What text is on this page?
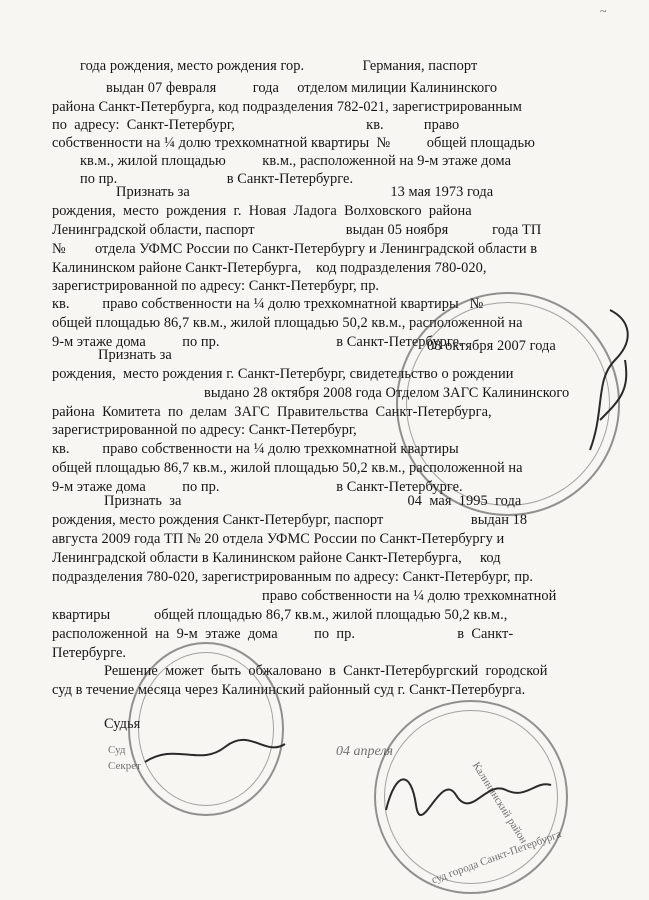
~
года рождения, место рождения гор.                Германия, паспорт
выдан 07 февраля          года     отделом милиции Калининского
района Санкт-Петербурга, код подразделения 782-021, зарегистрированным
по  адресу:  Санкт-Петербург,                                    кв.           право
собственности на ¼ долю трехкомнатной квартиры  №          общей площадью
кв.м., жилой площадью          кв.м., расположенной на 9-м этаже дома
по пр.                              в Санкт-Петербурге.
Признать за                                                       13 мая 1973 года
рождения,  место  рождения  г.  Новая  Ладога  Волховского  района
Ленинградской области, паспорт                         выдан 05 ноября            года ТП
№        отдела УФМС России по Санкт-Петербургу и Ленинградской области в
Калининском районе Санкт-Петербурга,    код подразделения 780-020,
зарегистрированной по адресу: Санкт-Петербург, пр.
кв.         право собственности на ¼ долю трехкомнатной квартиры   №
общей площадью 86,7 кв.м., жилой площадью 50,2 кв.м., расположенной на
9-м этаже дома          по пр.                                в Санкт-Петербурге.
08 октября 2007 года
Признать за
рождения,  место рождения г. Санкт-Петербург, свидетельство о рождении
выдано 28 октября 2008 года Отделом ЗАГС Калининского
района  Комитета  по  делам  ЗАГС  Правительства  Санкт-Петербурга,
зарегистрированной по адресу: Санкт-Петербург,
кв.         право собственности на ¼ долю трехкомнатной квартиры
общей площадью 86,7 кв.м., жилой площадью 50,2 кв.м., расположенной на
9-м этаже дома          по пр.                                в Санкт-Петербурге.
Признать  за                                                              04  мая  1995  года
рождения, место рождения Санкт-Петербург, паспорт                        выдан 18
августа 2009 года ТП № 20 отдела УФМС России по Санкт-Петербургу и
Ленинградской области в Калининском районе Санкт-Петербурга,     код
подразделения 780-020, зарегистрированным по адресу: Санкт-Петербург, пр.
право собственности на ¼ долю трехкомнатной
квартиры            общей площадью 86,7 кв.м., жилой площадью 50,2 кв.м.,
расположенной  на  9-м  этаже  дома          по  пр.                            в  Санкт-
Петербурге.
Решение  может  быть  обжаловано  в  Санкт-Петербургский  городской
суд в течение месяца через Калининский районный суд г. Санкт-Петербурга.
Судья
Суд
Секрет
04 апреля
Калининский район
суд города Санкт-Петербурга
